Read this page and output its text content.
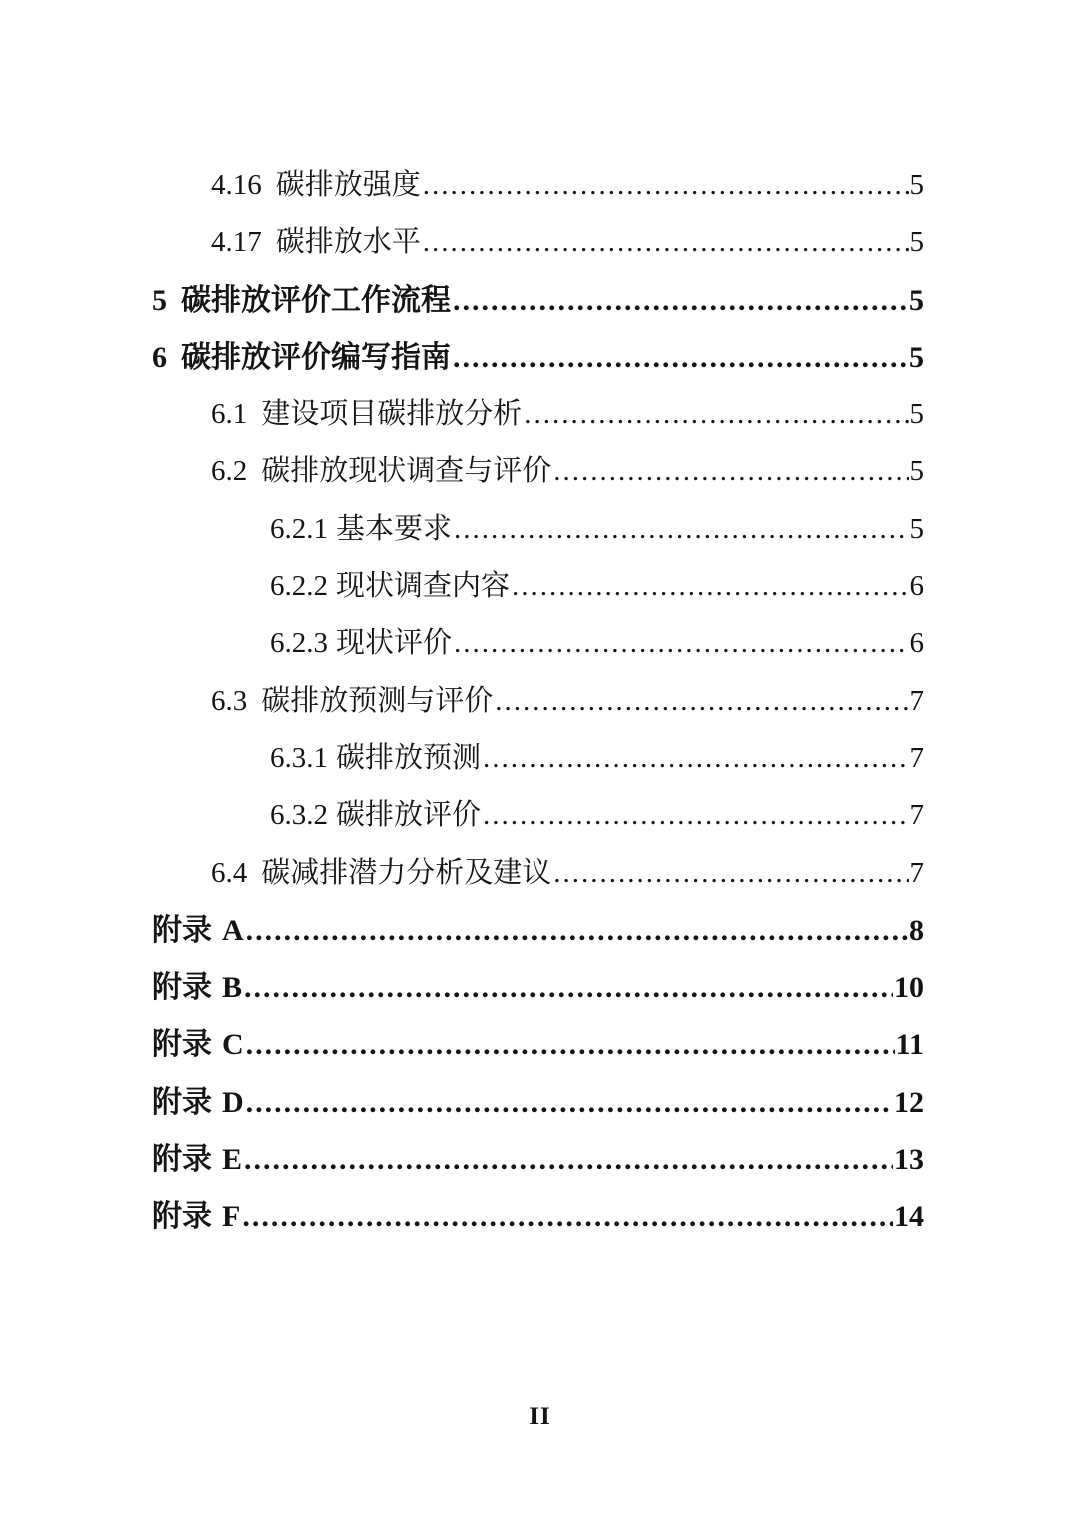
4.16 碳排放强度 .....	5
4.17 碳排放水平 .....	5
5 碳排放评价工作流程 .....	5
6 碳排放评价编写指南 .....	5
6.1 建设项目碳排放分析 .....	5
6.2 碳排放现状调查与评价 .....	5
6.2.1 基本要求 .....	5
6.2.2 现状调查内容 .....	6
6.2.3 现状评价 .....	6
6.3 碳排放预测与评价 .....	7
6.3.1 碳排放预测 .....	7
6.3.2 碳排放评价 .....	7
6.4 碳减排潜力分析及建议 .....	7
附录 A .....	8
附录 B .....	10
附录 C .....	11
附录 D .....	12
附录 E .....	13
附录 F .....	14
II
